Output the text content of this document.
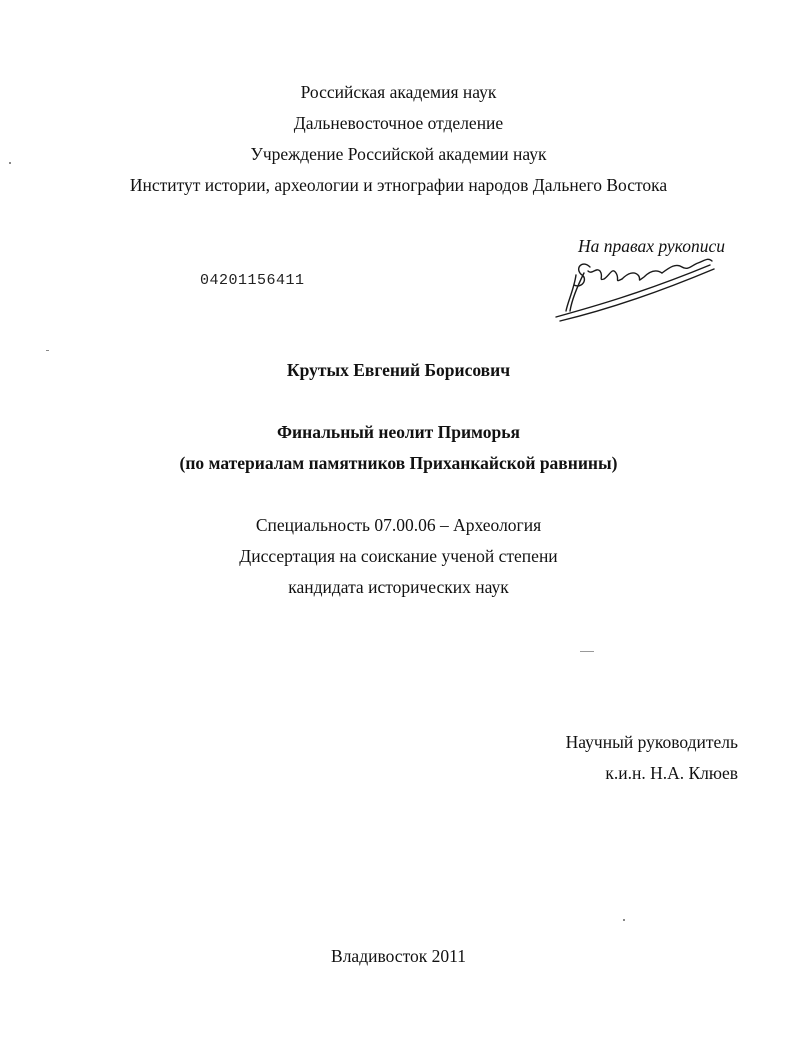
Российская академия наук
Дальневосточное отделение
Учреждение Российской академии наук
Институт истории, археологии и этнографии народов Дальнего Востока
На правах рукописи
04201156411
Крутых Евгений Борисович
Финальный неолит Приморья
(по материалам памятников Приханкайской равнины)
Специальность 07.00.06 – Археология
Диссертация на соискание ученой степени
кандидата исторических наук
Научный руководитель
к.и.н. Н.А. Клюев
Владивосток 2011
